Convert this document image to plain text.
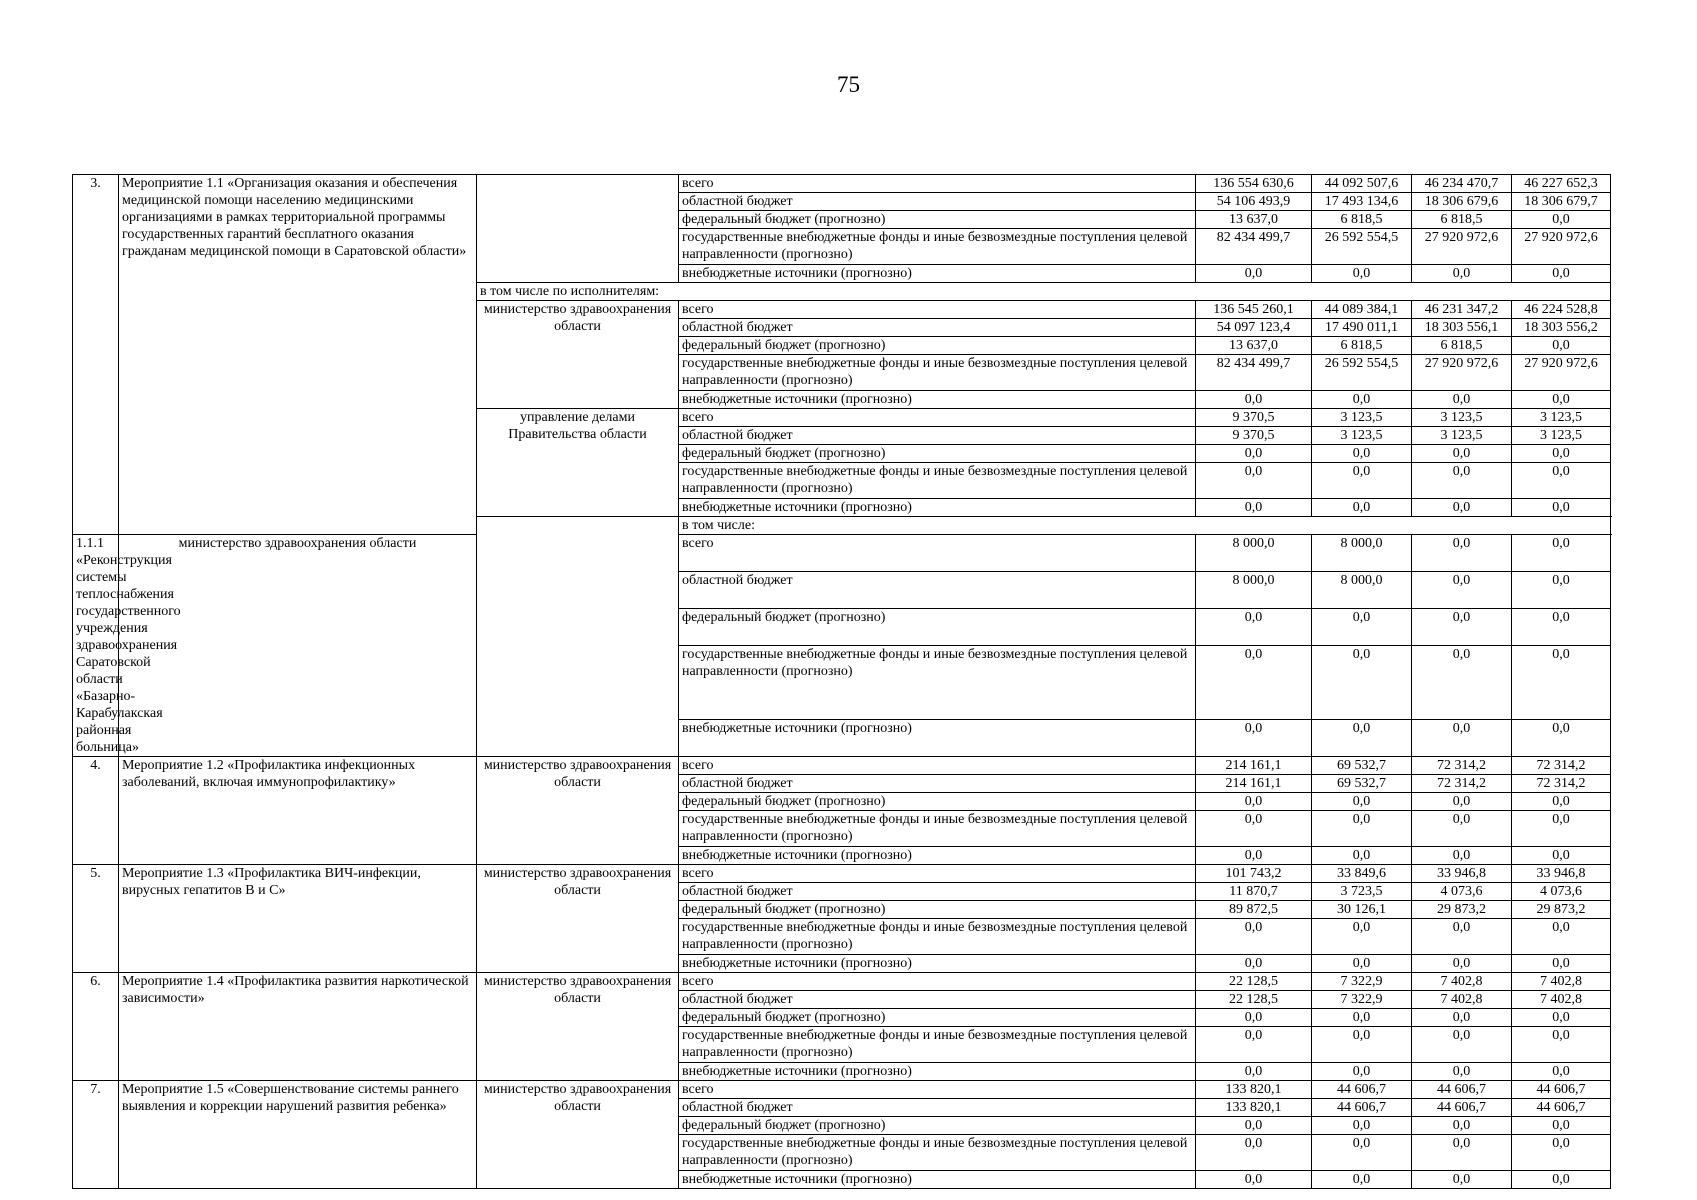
75
3.	Мероприятие 1.1 «Организация оказания и обеспечения медицинской помощи населению медицинскими организациями в рамках территориальной программы государственных гарантий бесплатного оказания гражданам медицинской помощи в Саратовской области»		всего	136 554 630,6	44 092 507,6	46 234 470,7	46 227 652,3
			областной бюджет	54 106 493,9	17 493 134,6	18 306 679,6	18 306 679,7
			федеральный бюджет (прогнозно)	13 637,0	6 818,5	6 818,5	0,0
			государственные внебюджетные фонды и иные безвозмездные поступления целевой направленности (прогнозно)	82 434 499,7	26 592 554,5	27 920 972,6	27 920 972,6
			внебюджетные источники (прогнозно)	0,0	0,0	0,0	0,0
		в том числе по исполнителям:					
		министерство здравоохранения области	всего	136 545 260,1	44 089 384,1	46 231 347,2	46 224 528,8
			областной бюджет	54 097 123,4	17 490 011,1	18 303 556,1	18 303 556,2
			федеральный бюджет (прогнозно)	13 637,0	6 818,5	6 818,5	0,0
			государственные внебюджетные фонды и иные безвозмездные поступления целевой направленности (прогнозно)	82 434 499,7	26 592 554,5	27 920 972,6	27 920 972,6
			внебюджетные источники (прогнозно)	0,0	0,0	0,0	0,0
		управление делами Правительства области	всего	9 370,5	3 123,5	3 123,5	3 123,5
			областной бюджет	9 370,5	3 123,5	3 123,5	3 123,5
			федеральный бюджет (прогнозно)	0,0	0,0	0,0	0,0
			государственные внебюджетные фонды и иные безвозмездные поступления целевой направленности (прогнозно)	0,0	0,0	0,0	0,0
			внебюджетные источники (прогнозно)	0,0	0,0	0,0	0,0
			в том числе:				
1.1.1 «Реконструкция системы теплоснабжения государственного учреждения здравоохранения Саратовской области «Базарно-Карабулакская районная больница»	министерство здравоохранения области		всего	8 000,0	8 000,0	0,0	0,0
			областной бюджет	8 000,0	8 000,0	0,0	0,0
			федеральный бюджет (прогнозно)	0,0	0,0	0,0	0,0
			государственные внебюджетные фонды и иные безвозмездные поступления целевой направленности (прогнозно)	0,0	0,0	0,0	0,0
			внебюджетные источники (прогнозно)	0,0	0,0	0,0	0,0
4.	Мероприятие 1.2 «Профилактика инфекционных заболеваний, включая иммунопрофилактику»	министерство здравоохранения области	всего	214 161,1	69 532,7	72 314,2	72 314,2
			областной бюджет	214 161,1	69 532,7	72 314,2	72 314,2
			федеральный бюджет (прогнозно)	0,0	0,0	0,0	0,0
			государственные внебюджетные фонды и иные безвозмездные поступления целевой направленности (прогнозно)	0,0	0,0	0,0	0,0
			внебюджетные источники (прогнозно)	0,0	0,0	0,0	0,0
5.	Мероприятие 1.3 «Профилактика ВИЧ-инфекции, вирусных гепатитов В и С»	министерство здравоохранения области	всего	101 743,2	33 849,6	33 946,8	33 946,8
			областной бюджет	11 870,7	3 723,5	4 073,6	4 073,6
			федеральный бюджет (прогнозно)	89 872,5	30 126,1	29 873,2	29 873,2
			государственные внебюджетные фонды и иные безвозмездные поступления целевой направленности (прогнозно)	0,0	0,0	0,0	0,0
			внебюджетные источники (прогнозно)	0,0	0,0	0,0	0,0
6.	Мероприятие 1.4 «Профилактика развития наркотической зависимости»	министерство здравоохранения области	всего	22 128,5	7 322,9	7 402,8	7 402,8
			областной бюджет	22 128,5	7 322,9	7 402,8	7 402,8
			федеральный бюджет (прогнозно)	0,0	0,0	0,0	0,0
			государственные внебюджетные фонды и иные безвозмездные поступления целевой направленности (прогнозно)	0,0	0,0	0,0	0,0
			внебюджетные источники (прогнозно)	0,0	0,0	0,0	0,0
7.	Мероприятие 1.5 «Совершенствование системы раннего выявления и коррекции нарушений развития ребенка»	министерство здравоохранения области	всего	133 820,1	44 606,7	44 606,7	44 606,7
			областной бюджет	133 820,1	44 606,7	44 606,7	44 606,7
			федеральный бюджет (прогнозно)	0,0	0,0	0,0	0,0
			государственные внебюджетные фонды и иные безвозмездные поступления целевой направленности (прогнозно)	0,0	0,0	0,0	0,0
			внебюджетные источники (прогнозно)	0,0	0,0	0,0	0,0
